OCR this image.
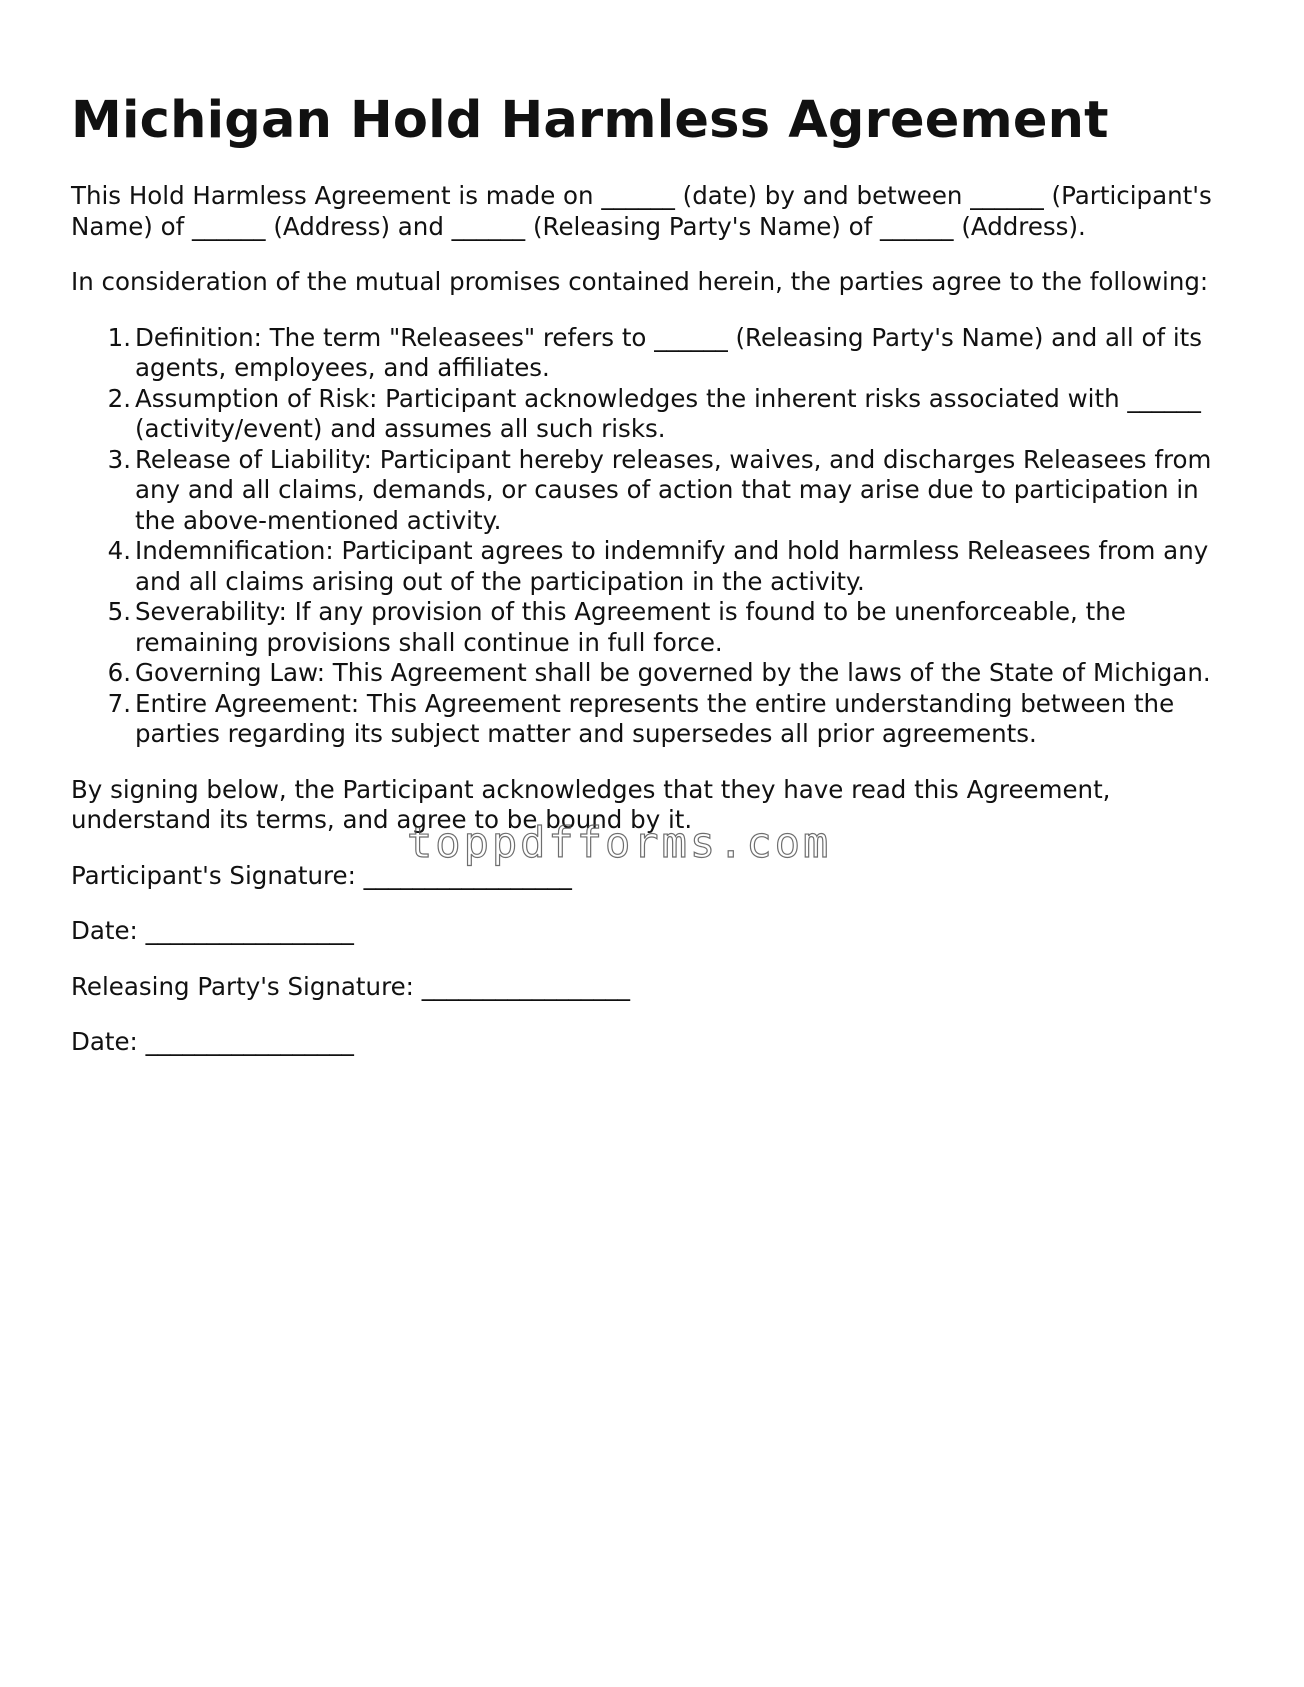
Michigan Hold Harmless Agreement

This Hold Harmless Agreement is made on ______ (date) by and between ______ (Participant's Name) of ______ (Address) and ______ (Releasing Party's Name) of ______ (Address).

In consideration of the mutual promises contained herein, the parties agree to the following:

1. Definition: The term "Releasees" refers to ______ (Releasing Party's Name) and all of its agents, employees, and affiliates.
2. Assumption of Risk: Participant acknowledges the inherent risks associated with ______ (activity/event) and assumes all such risks.
3. Release of Liability: Participant hereby releases, waives, and discharges Releasees from any and all claims, demands, or causes of action that may arise due to participation in the above-mentioned activity.
4. Indemnification: Participant agrees to indemnify and hold harmless Releasees from any and all claims arising out of the participation in the activity.
5. Severability: If any provision of this Agreement is found to be unenforceable, the remaining provisions shall continue in full force.
6. Governing Law: This Agreement shall be governed by the laws of the State of Michigan.
7. Entire Agreement: This Agreement represents the entire understanding between the parties regarding its subject matter and supersedes all prior agreements.

By signing below, the Participant acknowledges that they have read this Agreement, understand its terms, and agree to be bound by it.

Participant's Signature: _________________

Date: _________________

Releasing Party's Signature: _________________

Date: _________________

toppdfforms.com
